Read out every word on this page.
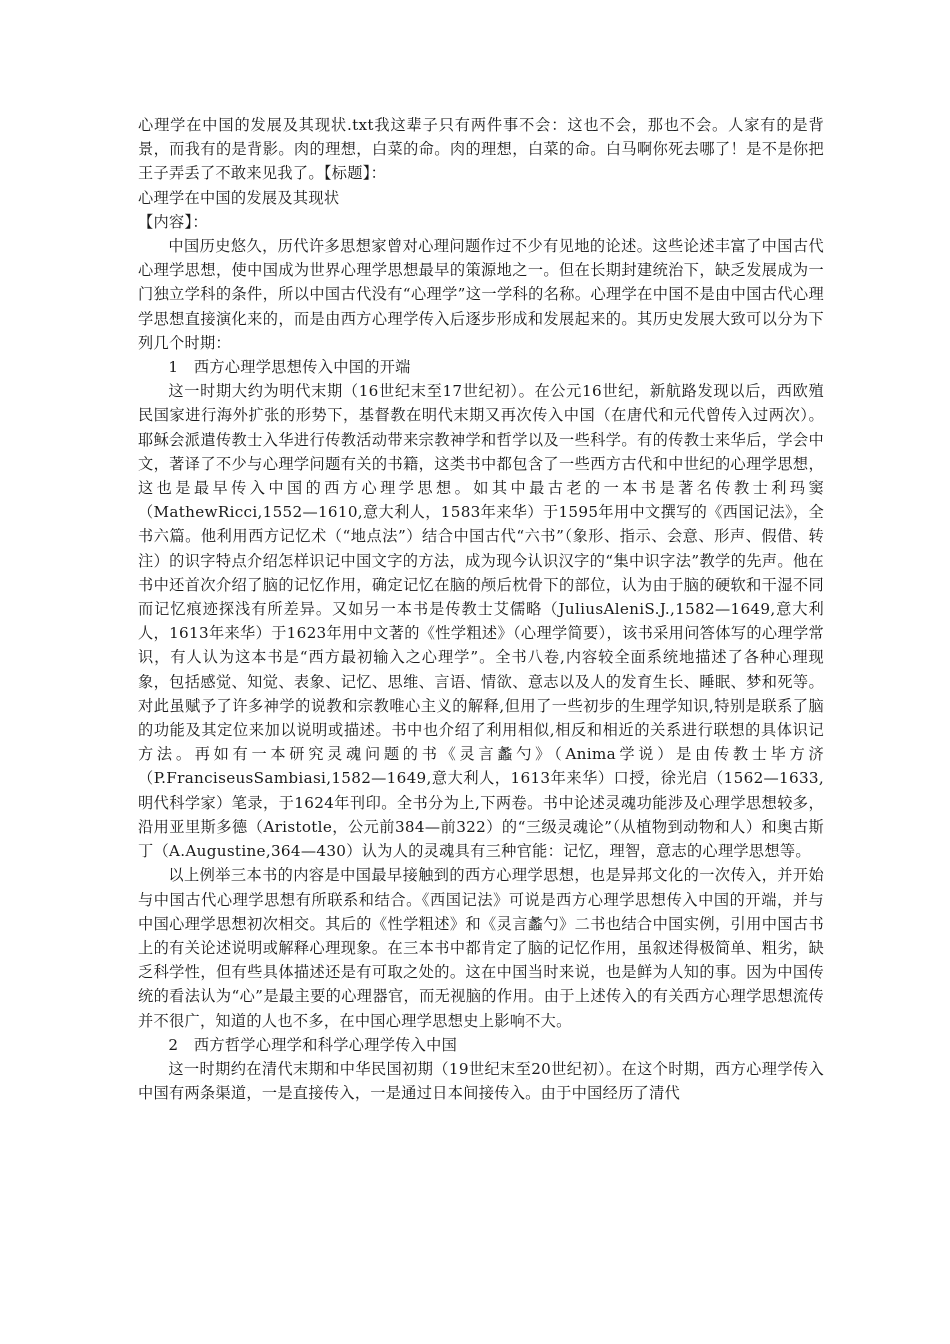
心理学在中国的发展及其现状.txt我这辈子只有两件事不会：这也不会，那也不会。人家有的是背景，而我有的是背影。肉的理想，白菜的命。肉的理想，白菜的命。白马啊你死去哪了！是不是你把王子弄丢了不敢来见我了。【标题】：

心理学在中国的发展及其现状

【内容】：

中国历史悠久，历代许多思想家曾对心理问题作过不少有见地的论述。这些论述丰富了中国古代心理学思想，使中国成为世界心理学思想最早的策源地之一。但在长期封建统治下，缺乏发展成为一门独立学科的条件，所以中国古代没有“心理学”这一学科的名称。心理学在中国不是由中国古代心理学思想直接演化来的，而是由西方心理学传入后逐步形成和发展起来的。其历史发展大致可以分为下列几个时期：

1　西方心理学思想传入中国的开端

这一时期大约为明代末期（16世纪末至17世纪初）。在公元16世纪，新航路发现以后，西欧殖民国家进行海外扩张的形势下，基督教在明代末期又再次传入中国（在唐代和元代曾传入过两次）。耶稣会派遣传教士入华进行传教活动带来宗教神学和哲学以及一些科学。有的传教士来华后，学会中文，著译了不少与心理学问题有关的书籍，这类书中都包含了一些西方古代和中世纪的心理学思想，这也是最早传入中国的西方心理学思想。如其中最古老的一本书是著名传教士利玛窦（MathewRicci,1552—1610,意大利人，1583年来华）于1595年用中文撰写的《西国记法》，全书六篇。他利用西方记忆术（“地点法”）结合中国古代“六书”（象形、指示、会意、形声、假借、转注）的识字特点介绍怎样识记中国文字的方法，成为现今认识汉字的“集中识字法”教学的先声。他在书中还首次介绍了脑的记忆作用，确定记忆在脑的颅后枕骨下的部位，认为由于脑的硬软和干湿不同而记忆痕迹探浅有所差异。又如另一本书是传教士艾儒略（JuliusAleniS.J.,1582—1649,意大利人，1613年来华）于1623年用中文著的《性学粗述》（心理学简要），该书采用问答体写的心理学常识，有人认为这本书是“西方最初输入之心理学”。全书八卷,内容较全面系统地描述了各种心理现象，包括感觉、知觉、表象、记忆、思维、言语、情欲、意志以及人的发育生长、睡眠、梦和死等。对此虽赋予了许多神学的说教和宗教唯心主义的解释,但用了一些初步的生理学知识,特别是联系了脑的功能及其定位来加以说明或描述。书中也介绍了利用相似,相反和相近的关系进行联想的具体识记方法。再如有一本研究灵魂问题的书《灵言蠡勺》（Anima学说）是由传教士毕方济（P.FranciseusSambiasi,1582—1649,意大利人，1613年来华）口授，徐光启（1562—1633,明代科学家）笔录，于1624年刊印。全书分为上,下两卷。书中论述灵魂功能涉及心理学思想较多，沿用亚里斯多德（Aristotle，公元前384—前322）的“三级灵魂论”（从植物到动物和人）和奥古斯丁（A.Augustine,364—430）认为人的灵魂具有三种官能：记忆，理智，意志的心理学思想等。

以上例举三本书的内容是中国最早接触到的西方心理学思想，也是异邦文化的一次传入，并开始与中国古代心理学思想有所联系和结合。《西国记法》可说是西方心理学思想传入中国的开端，并与中国心理学思想初次相交。其后的《性学粗述》和《灵言蠡勺》二书也结合中国实例，引用中国古书上的有关论述说明或解释心理现象。在三本书中都肯定了脑的记忆作用，虽叙述得极简单、粗劣，缺乏科学性，但有些具体描述还是有可取之处的。这在中国当时来说，也是鲜为人知的事。因为中国传统的看法认为“心”是最主要的心理器官，而无视脑的作用。由于上述传入的有关西方心理学思想流传并不很广，知道的人也不多，在中国心理学思想史上影响不大。

2　西方哲学心理学和科学心理学传入中国

这一时期约在清代末期和中华民国初期（19世纪末至20世纪初）。在这个时期，西方心理学传入中国有两条渠道，一是直接传入，一是通过日本间接传入。由于中国经历了清代
